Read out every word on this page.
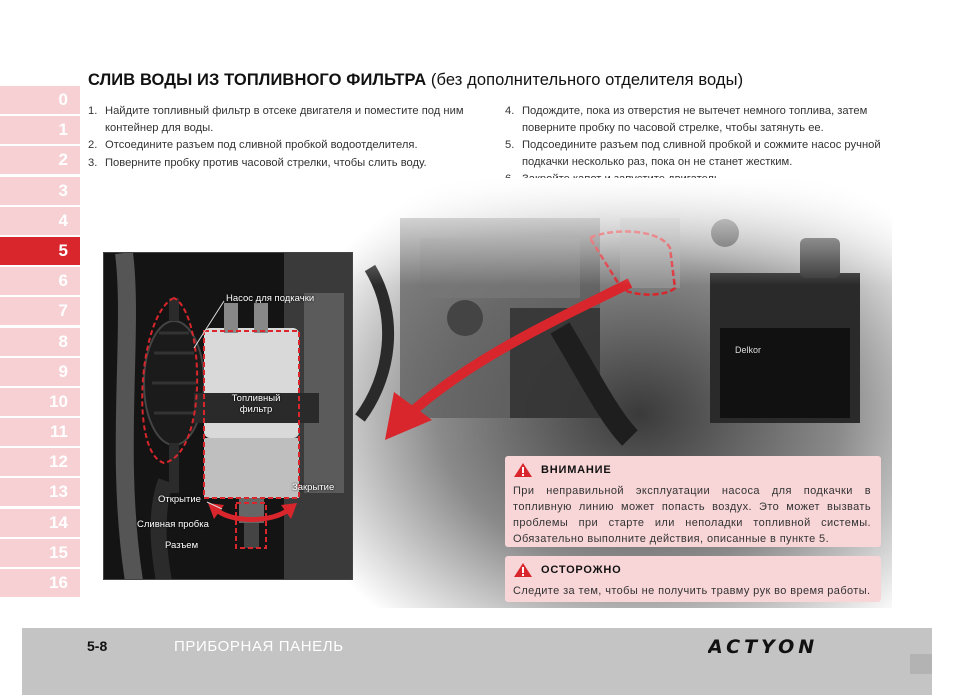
СЛИВ ВОДЫ ИЗ ТОПЛИВНОГО ФИЛЬТРА (без дополнительного отделителя воды)
1. Найдите топливный фильтр в отсеке двигателя и поместите под ним контейнер для воды.
2. Отсоедините разъем под сливной пробкой водоотделителя.
3. Поверните пробку против часовой стрелки, чтобы слить воду.
4. Подождите, пока из отверстия не вытечет немного топлива, затем поверните пробку по часовой стрелке, чтобы затянуть ее.
5. Подсоедините разъем под сливной пробкой и сожмите насос ручной подкачки несколько раз, пока он не станет жестким.
0
1
2
3
4
5
6
7
8
9
10
11
12
13
14
15
16
Насос для подкачки
Топливный фильтр
Открытие
Закрытие
Сливная пробка
Разъем
ВНИМАНИЕ
При неправильной эксплуатации насоса для подкачки в топливную линию может попасть воздух. Это может вызвать проблемы при старте или неполадки топливной системы. Обязательно выполните действия, описанные в пункте 5.
ОСТОРОЖНО
Следите за тем, чтобы не получить травму рук во время работы.
5-8	ПРИБОРНАЯ ПАНЕЛЬ	ACTYON
